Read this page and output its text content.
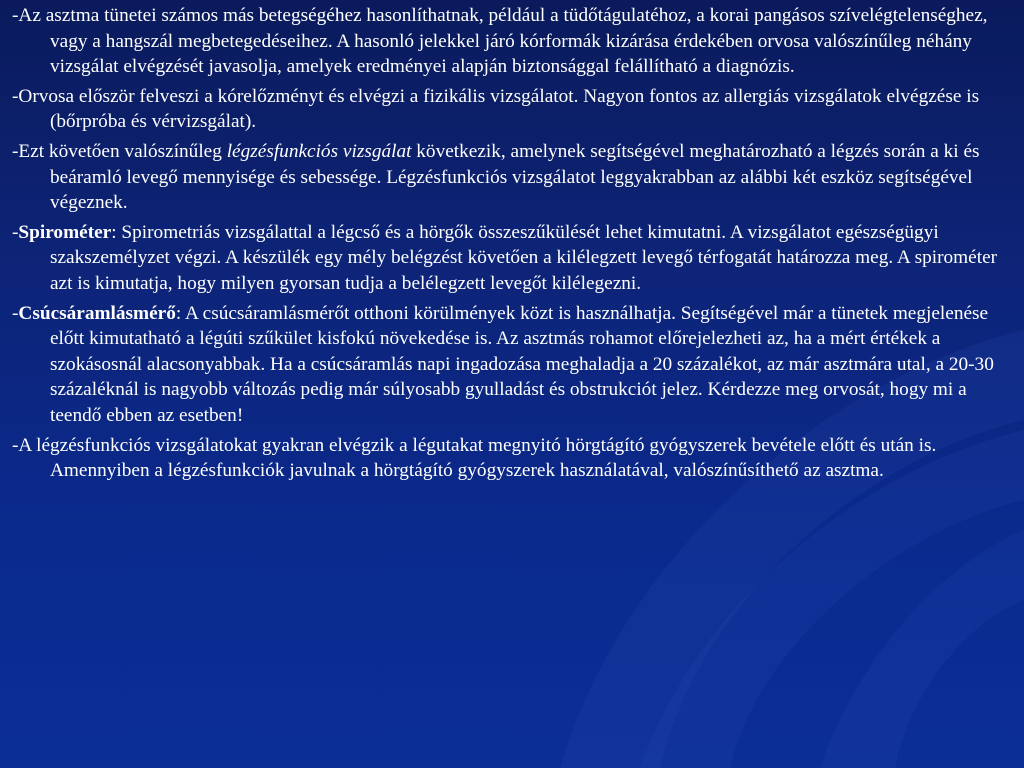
-Az asztma tünetei számos más betegségéhez hasonlíthatnak, például a tüdőtágulatéhoz, a korai pangásos szívelégtelenséghez, vagy a hangszál megbetegedéseihez. A hasonló jelekkel járó kórformák kizárása érdekében orvosa valószínűleg néhány vizsgálat elvégzését javasolja, amelyek eredményei alapján biztonsággal felállítható a diagnózis.

-Orvosa először felveszi a kórelőzményt és elvégzi a fizikális vizsgálatot. Nagyon fontos az allergiás vizsgálatok elvégzése is (bőrpróba és vérvizsgálat).

-Ezt követően valószínűleg légzésfunkciós vizsgálat következik, amelynek segítségével meghatározható a légzés során a ki és beáramló levegő mennyisége és sebessége. Légzésfunkciós vizsgálatot leggyakrabban az alábbi két eszköz segítségével végeznek.

-Spirométer: Spirometriás vizsgálattal a légcső és a hörgők összeszűkülését lehet kimutatni. A vizsgálatot egészségügyi szakszemélyzet végzi. A készülék egy mély belégzést követően a kilélegzett levegő térfogatát határozza meg. A spirométer azt is kimutatja, hogy milyen gyorsan tudja a belélegzett levegőt kilélegezni.

-Csúcsáramlásmérő: A csúcsáramlásmérőt otthoni körülmények közt is használhatja. Segítségével már a tünetek megjelenése előtt kimutatható a légúti szűkület kisfokú növekedése is. Az asztmás rohamot előrejelezheti az, ha a mért értékek a szokásosnál alacsonyabbak. Ha a csúcsáramlás napi ingadozása meghaladja a 20 százalékot, az már asztmára utal, a 20-30 százaléknál is nagyobb változás pedig már súlyosabb gyulladást és obstrukciót jelez. Kérdezze meg orvosát, hogy mi a teendő ebben az esetben!

-A légzésfunkciós vizsgálatokat gyakran elvégzik a légutakat megnyitó hörgtágító gyógyszerek bevétele előtt és után is. Amennyiben a légzésfunkciók javulnak a hörgtágító gyógyszerek használatával, valószínűsíthető az asztma.
